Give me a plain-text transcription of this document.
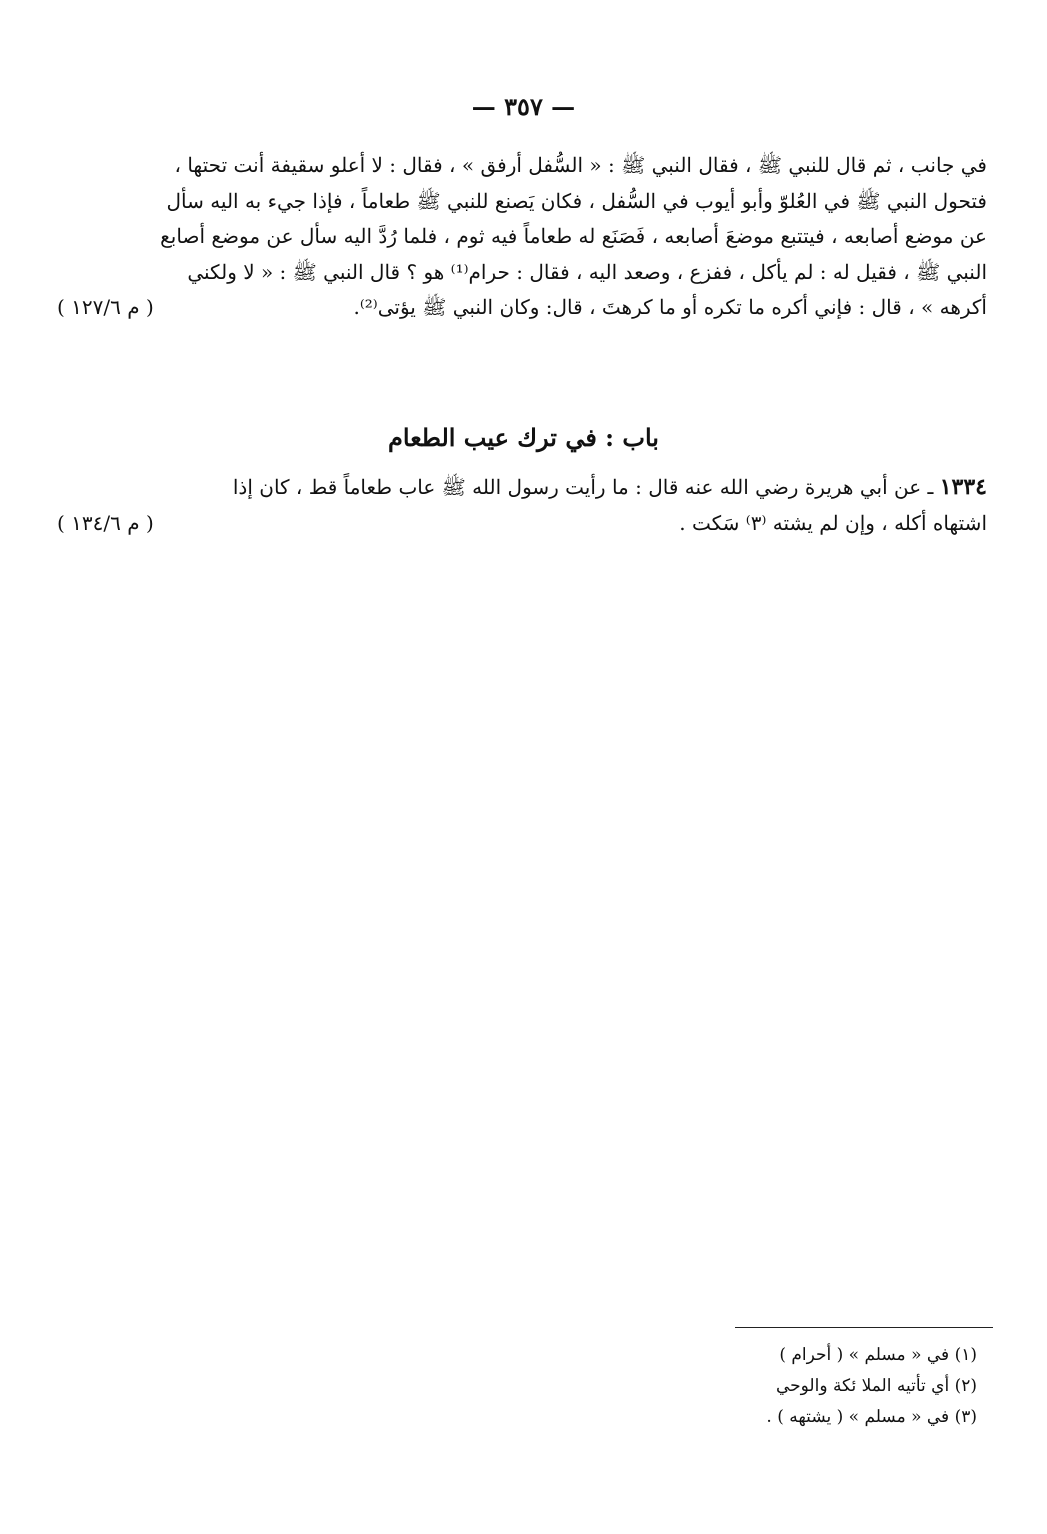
— ٣٥٧ —
في جانب ، ثم قال للنبي ﷺ ، فقال النبي ﷺ : « السُّفل أرفق » ، فقال : لا أعلو سقيفة أنت تحتها ،
فتحول النبي ﷺ في العُلوّ وأبو أيوب في السُّفل ، فكان يَصنع للنبي ﷺ طعاماً ، فإذا جيء به اليه سأل
عن موضع أصابعه ، فيتتبع موضعَ أصابعه ، فَصَنَع له طعاماً فيه ثوم ، فلما رُدَّ اليه سأل عن موضع أصابع
النبي ﷺ ، فقيل له : لم يأكل ، ففزع ، وصعد اليه ، فقال : حرام⁽¹⁾ هو ؟ قال النبي ﷺ : « لا ولكني
أكرهه » ، قال : فإني أكره ما تكره أو ما كرهتَ ، قال: وكان النبي ﷺ يؤتى⁽²⁾.
( م ١٢٧/٦ )
باب : في ترك عيب الطعام
١٣٣٤ ـ عن أبي هريرة رضي الله عنه قال : ما رأيت رسول الله ﷺ عاب طعاماً قط ، كان إذا
اشتهاه أكله ، وإن لم يشته ⁽٣⁾ سَكت .
( م ١٣٤/٦ )
(١) في « مسلم » ( أحرام )
(٢) أي تأتيه الملا ئكة والوحي
(٣) في « مسلم » ( يشتهه ) .
